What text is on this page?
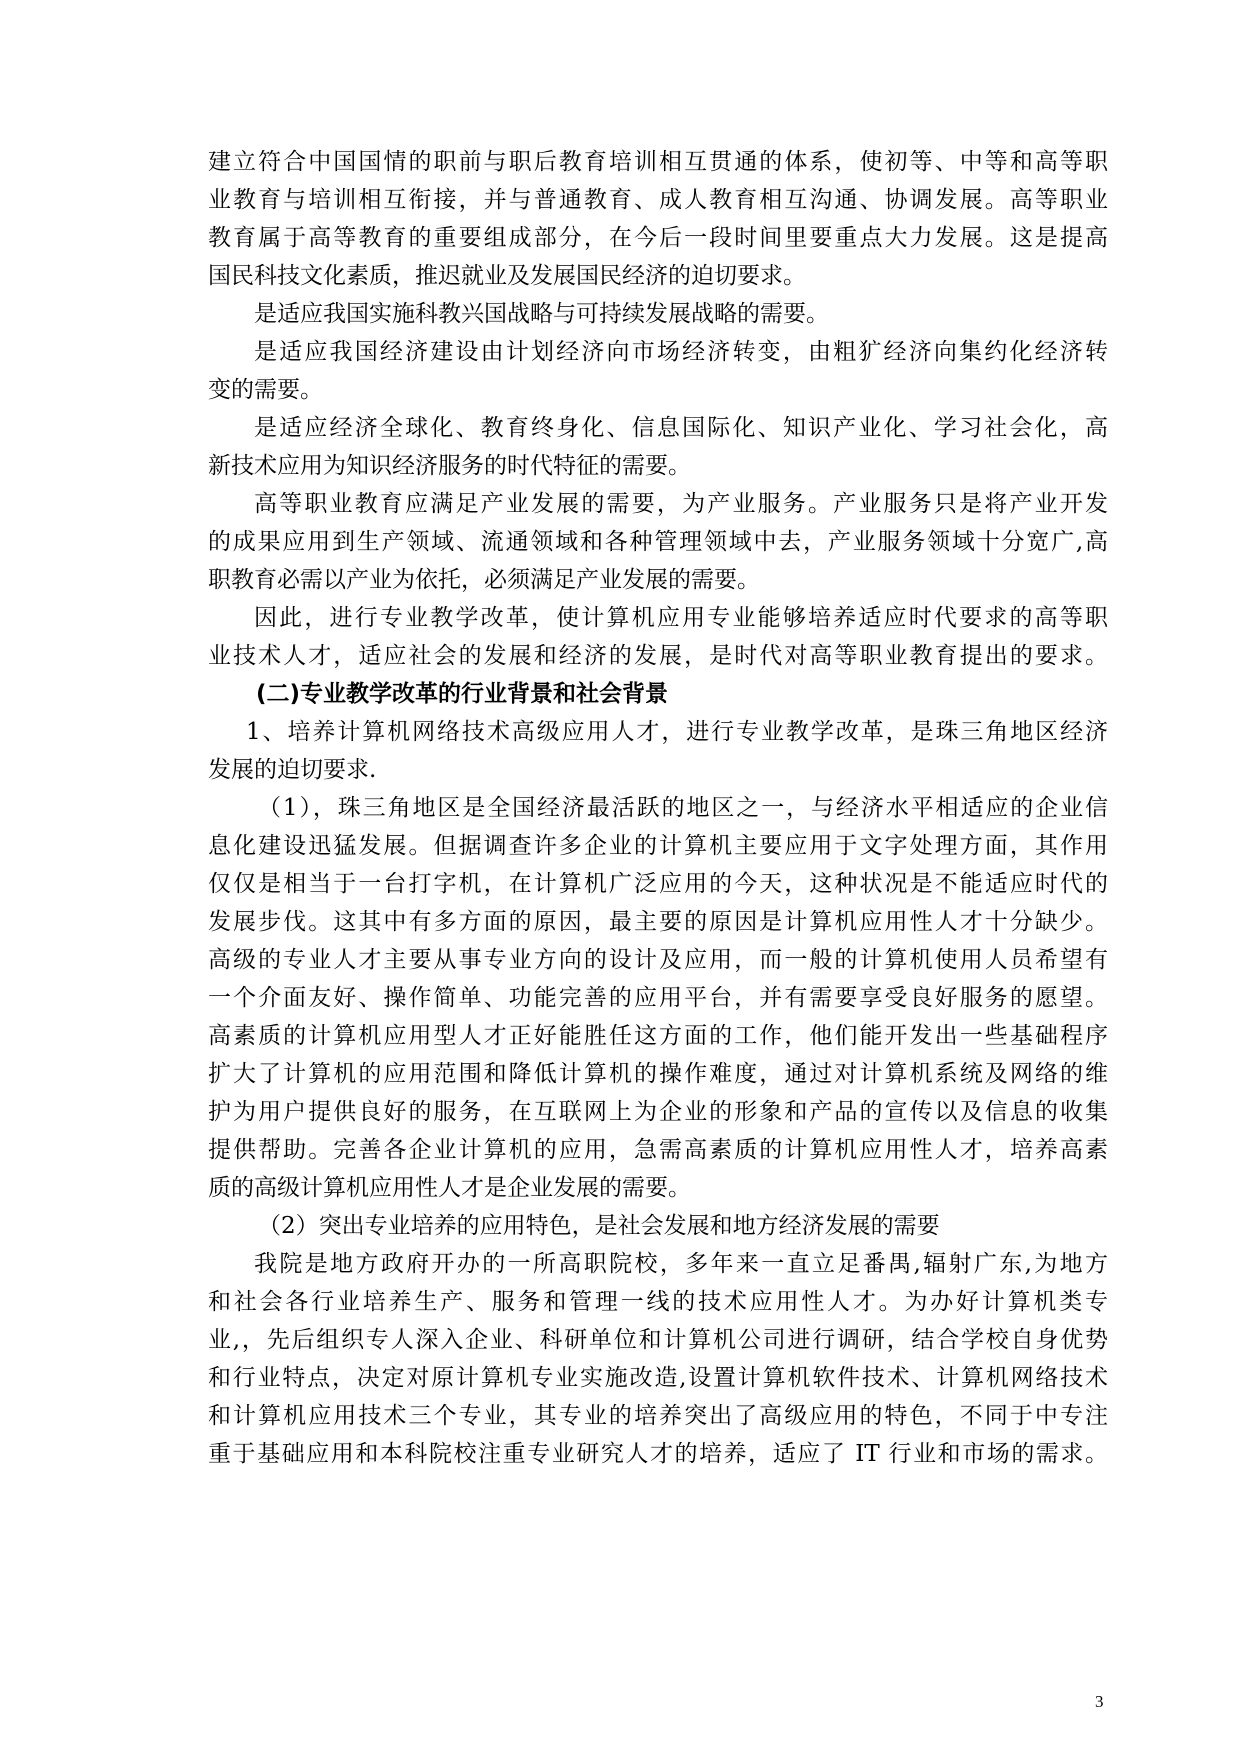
建立符合中国国情的职前与职后教育培训相互贯通的体系，使初等、中等和高等职
业教育与培训相互衔接，并与普通教育、成人教育相互沟通、协调发展。高等职业
教育属于高等教育的重要组成部分，在今后一段时间里要重点大力发展。这是提高
国民科技文化素质，推迟就业及发展国民经济的迫切要求。
是适应我国实施科教兴国战略与可持续发展战略的需要。
是适应我国经济建设由计划经济向市场经济转变，由粗犷经济向集约化经济转
变的需要。
是适应经济全球化、教育终身化、信息国际化、知识产业化、学习社会化，高
新技术应用为知识经济服务的时代特征的需要。
高等职业教育应满足产业发展的需要，为产业服务。产业服务只是将产业开发
的成果应用到生产领域、流通领域和各种管理领域中去，产业服务领域十分宽广,高
职教育必需以产业为依托，必须满足产业发展的需要。
因此，进行专业教学改革，使计算机应用专业能够培养适应时代要求的高等职
业技术人才，适应社会的发展和经济的发展，是时代对高等职业教育提出的要求。
(二)专业教学改革的行业背景和社会背景
1、培养计算机网络技术高级应用人才，进行专业教学改革，是珠三角地区经济
发展的迫切要求.
（1），珠三角地区是全国经济最活跃的地区之一，与经济水平相适应的企业信
息化建设迅猛发展。但据调查许多企业的计算机主要应用于文字处理方面，其作用
仅仅是相当于一台打字机，在计算机广泛应用的今天，这种状况是不能适应时代的
发展步伐。这其中有多方面的原因，最主要的原因是计算机应用性人才十分缺少。
高级的专业人才主要从事专业方向的设计及应用，而一般的计算机使用人员希望有
一个介面友好、操作简单、功能完善的应用平台，并有需要享受良好服务的愿望。
高素质的计算机应用型人才正好能胜任这方面的工作，他们能开发出一些基础程序
扩大了计算机的应用范围和降低计算机的操作难度，通过对计算机系统及网络的维
护为用户提供良好的服务，在互联网上为企业的形象和产品的宣传以及信息的收集
提供帮助。完善各企业计算机的应用，急需高素质的计算机应用性人才，培养高素
质的高级计算机应用性人才是企业发展的需要。
（2）突出专业培养的应用特色，是社会发展和地方经济发展的需要
我院是地方政府开办的一所高职院校，多年来一直立足番禺,辐射广东,为地方
和社会各行业培养生产、服务和管理一线的技术应用性人才。为办好计算机类专
业,，先后组织专人深入企业、科研单位和计算机公司进行调研，结合学校自身优势
和行业特点，决定对原计算机专业实施改造,设置计算机软件技术、计算机网络技术
和计算机应用技术三个专业，其专业的培养突出了高级应用的特色，不同于中专注
重于基础应用和本科院校注重专业研究人才的培养，适应了 IT 行业和市场的需求。
3
